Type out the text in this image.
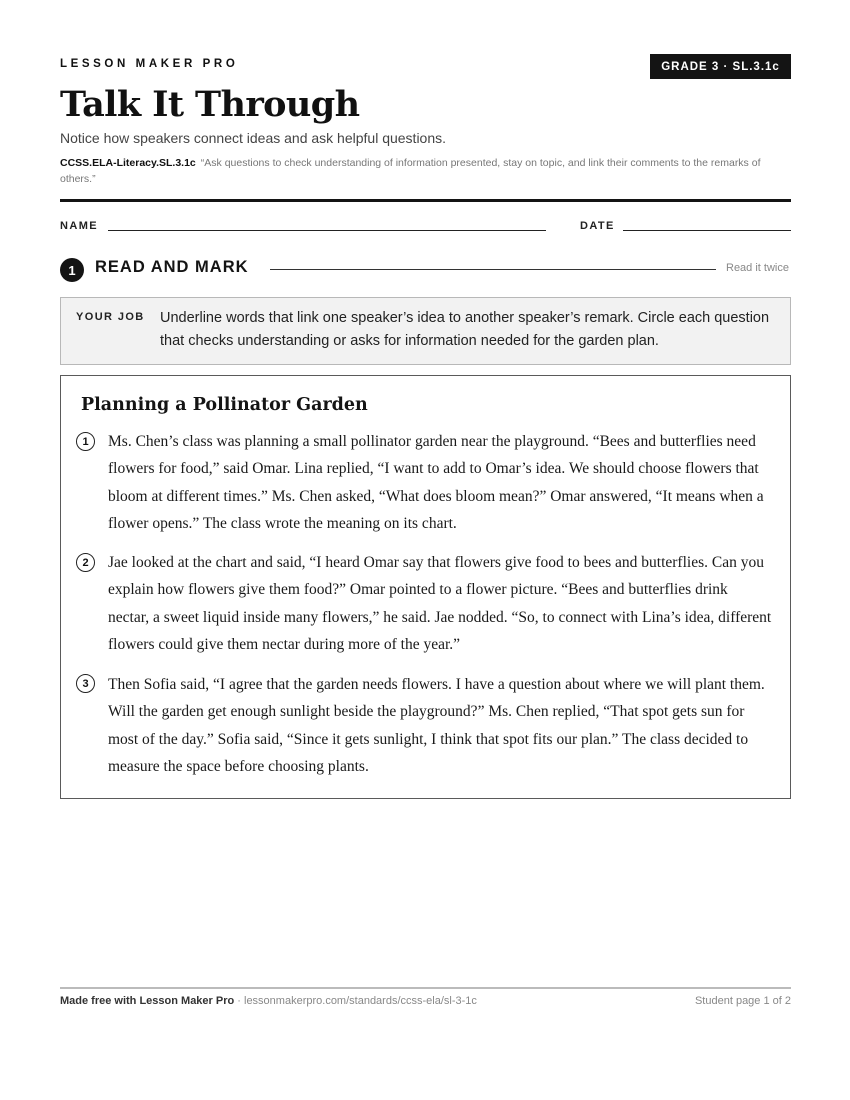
LESSON MAKER PRO	GRADE 3 · SL.3.1c
Talk It Through
Notice how speakers connect ideas and ask helpful questions.
CCSS.ELA-Literacy.SL.3.1c “Ask questions to check understanding of information presented, stay on topic, and link their comments to the remarks of others.”
NAME	DATE
1	READ AND MARK	Read it twice
YOUR JOB Underline words that link one speaker’s idea to another speaker’s remark. Circle each question that checks understanding or asks for information needed for the garden plan.
Planning a Pollinator Garden
1	Ms. Chen’s class was planning a small pollinator garden near the playground. “Bees and butterflies need flowers for food,” said Omar. Lina replied, “I want to add to Omar’s idea. We should choose flowers that bloom at different times.” Ms. Chen asked, “What does bloom mean?” Omar answered, “It means when a flower opens.” The class wrote the meaning on its chart.

2	Jae looked at the chart and said, “I heard Omar say that flowers give food to bees and butterflies. Can you explain how flowers give them food?” Omar pointed to a flower picture. “Bees and butterflies drink nectar, a sweet liquid inside many flowers,” he said. Jae nodded. “So, to connect with Lina’s idea, different flowers could give them nectar during more of the year.”

3	Then Sofia said, “I agree that the garden needs flowers. I have a question about where we will plant them. Will the garden get enough sunlight beside the playground?” Ms. Chen replied, “That spot gets sun for most of the day.” Sofia said, “Since it gets sunlight, I think that spot fits our plan.” The class decided to measure the space before choosing plants.

Made free with Lesson Maker Pro · lessonmakerpro.com/standards/ccss-ela/sl-3-1c	Student page 1 of 2
